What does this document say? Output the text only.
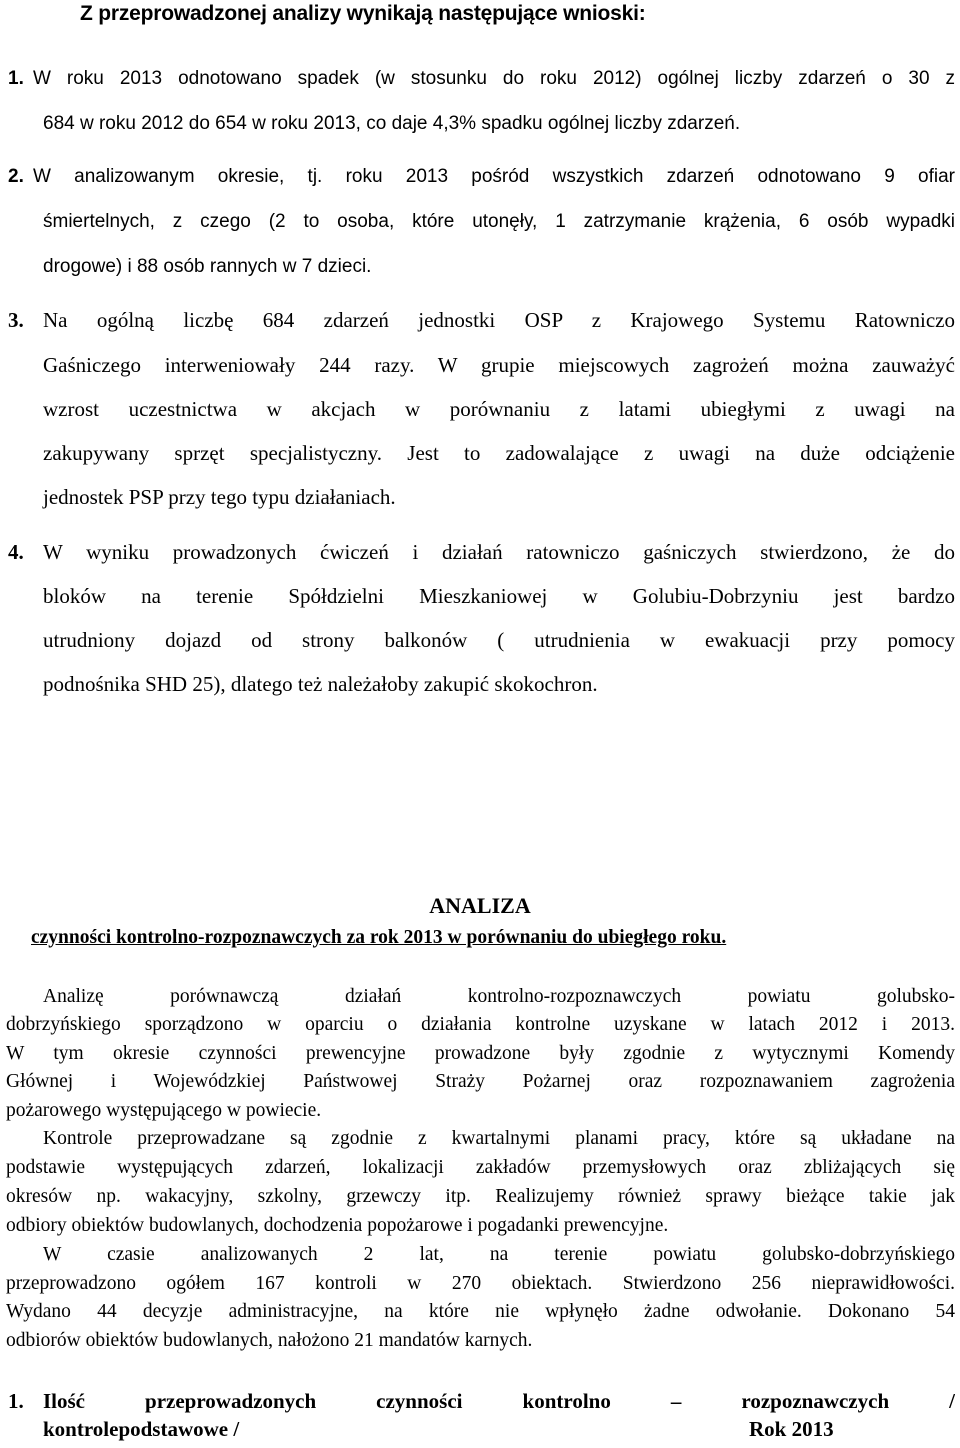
Z przeprowadzonej analizy wynikają następujące wnioski:
1. W roku 2013 odnotowano spadek (w stosunku do roku 2012) ogólnej liczby zdarzeń o 30 z
684 w roku 2012 do 654 w roku 2013, co daje 4,3% spadku ogólnej liczby zdarzeń.
2. W analizowanym okresie, tj. roku 2013 pośród wszystkich zdarzeń odnotowano 9 ofiar
śmiertelnych, z czego (2 to osoba, które utonęły, 1 zatrzymanie krążenia, 6 osób wypadki
drogowe) i 88 osób rannych w 7 dzieci.
3. Na ogólną liczbę 684 zdarzeń jednostki OSP z Krajowego Systemu Ratowniczo
Gaśniczego interweniowały 244 razy. W grupie miejscowych zagrożeń można zauważyć
wzrost uczestnictwa w akcjach w porównaniu z latami ubiegłymi z uwagi na
zakupywany sprzęt specjalistyczny. Jest to zadowalające z uwagi na duże odciążenie
jednostek PSP przy tego typu działaniach.
4. W wyniku prowadzonych ćwiczeń i działań ratowniczo gaśniczych stwierdzono, że do
bloków na terenie Spółdzielni Mieszkaniowej w Golubiu-Dobrzyniu jest bardzo
utrudniony dojazd od strony balkonów ( utrudnienia w ewakuacji przy pomocy
podnośnika SHD 25), dlatego też należałoby zakupić skokochron.
ANALIZA
czynności kontrolno-rozpoznawczych za rok 2013 w porównaniu do ubiegłego roku.
Analizę porównawczą działań kontrolno-rozpoznawczych powiatu golubsko-
dobrzyńskiego sporządzono w oparciu o działania kontrolne uzyskane w latach 2012 i 2013.
W tym okresie czynności prewencyjne prowadzone były zgodnie z wytycznymi Komendy
Głównej i Wojewódzkiej Państwowej Straży Pożarnej oraz rozpoznawaniem zagrożenia
pożarowego występującego w powiecie.
Kontrole przeprowadzane są zgodnie z kwartalnymi planami pracy, które są układane na
podstawie występujących zdarzeń, lokalizacji zakładów przemysłowych oraz zbliżających się
okresów np. wakacyjny, szkolny, grzewczy itp. Realizujemy również sprawy bieżące takie jak
odbiory obiektów budowlanych, dochodzenia popożarowe i pogadanki prewencyjne.
W czasie analizowanych 2 lat, na terenie powiatu golubsko-dobrzyńskiego
przeprowadzono ogółem 167 kontroli w 270 obiektach. Stwierdzono 256 nieprawidłowości.
Wydano 44 decyzje administracyjne, na które nie wpłynęło żadne odwołanie. Dokonano 54
odbiorów obiektów budowlanych, nałożono 21 mandatów karnych.
1. Ilość przeprowadzonych czynności kontrolno – rozpoznawczych /
kontrolepodstawowe /	Rok 2013
